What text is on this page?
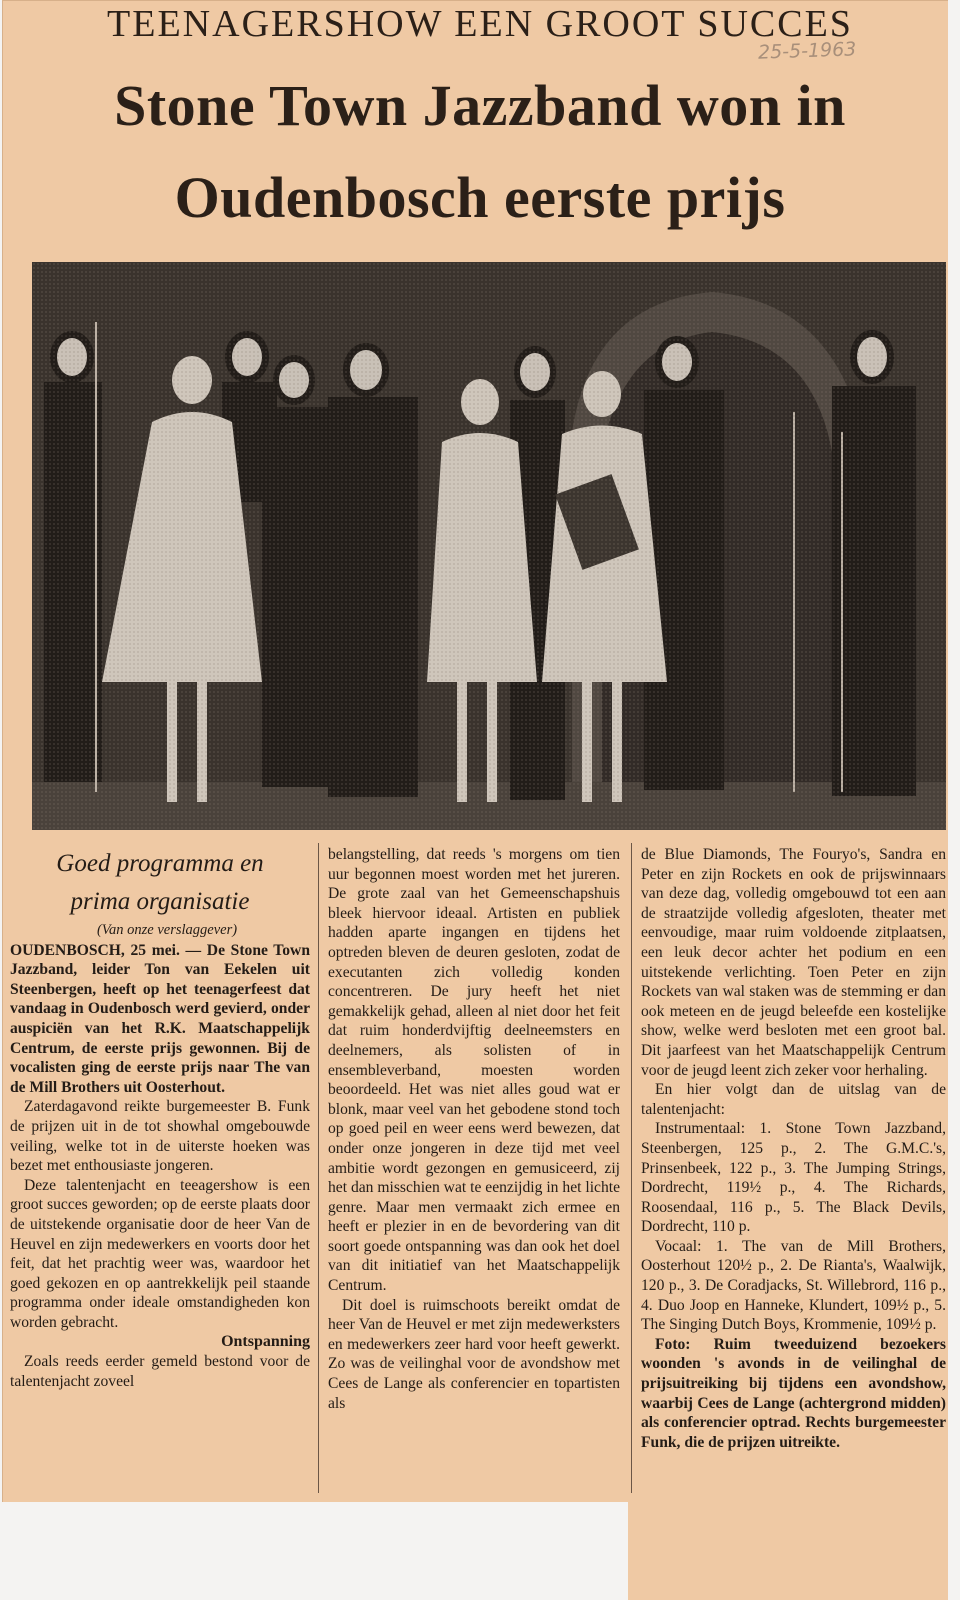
TEENAGERSHOW EEN GROOT SUCCES
25-5-1963
Stone Town Jazzband won in
Oudenbosch eerste prijs
Goed programma en
prima organisatie

(Van onze verslaggever)

OUDENBOSCH, 25 mei. — De Stone Town Jazzband, leider Ton van Eekelen uit Steenbergen, heeft op het teenagerfeest dat vandaag in Oudenbosch werd gevierd, onder auspiciën van het R.K. Maatschappelijk Centrum, de eerste prijs gewonnen. Bij de vocalisten ging de eerste prijs naar The van de Mill Brothers uit Oosterhout.

Zaterdagavond reikte burgemeester B. Funk de prijzen uit in de tot showhal omgebouwde veiling, welke tot in de uiterste hoeken was bezet met enthousiaste jongeren.

Deze talentenjacht en teeagershow is een groot succes geworden; op de eerste plaats door de uitstekende organisatie door de heer Van de Heuvel en zijn medewerkers en voorts door het feit, dat het prachtig weer was, waardoor het goed gekozen en op aantrekkelijk peil staande programma onder ideale omstandigheden kon worden gebracht.

Ontspanning

Zoals reeds eerder gemeld bestond voor de talentenjacht zoveel

belangstelling, dat reeds 's morgens om tien uur begonnen moest worden met het jureren. De grote zaal van het Gemeenschapshuis bleek hiervoor ideaal. Artisten en publiek hadden aparte ingangen en tijdens het optreden bleven de deuren gesloten, zodat de executanten zich volledig konden concentreren. De jury heeft het niet gemakkelijk gehad, alleen al niet door het feit dat ruim honderdvijftig deelneemsters en deelnemers, als solisten of in ensembleverband, moesten worden beoordeeld. Het was niet alles goud wat er blonk, maar veel van het gebodene stond toch op goed peil en weer eens werd bewezen, dat onder onze jongeren in deze tijd met veel ambitie wordt gezongen en gemusiceerd, zij het dan misschien wat te eenzijdig in het lichte genre. Maar men vermaakt zich ermee en heeft er plezier in en de bevordering van dit soort goede ontspanning was dan ook het doel van dit initiatief van het Maatschappelijk Centrum.

Dit doel is ruimschoots bereikt omdat de heer Van de Heuvel er met zijn medewerksters en medewerkers zeer hard voor heeft gewerkt. Zo was de veilinghal voor de avondshow met Cees de Lange als conferencier en topartisten als

de Blue Diamonds, The Fouryo's, Sandra en Peter en zijn Rockets en ook de prijswinnaars van deze dag, volledig omgebouwd tot een aan de straatzijde volledig afgesloten, theater met eenvoudige, maar ruim voldoende zitplaatsen, een leuk decor achter het podium en een uitstekende verlichting. Toen Peter en zijn Rockets van wal staken was de stemming er dan ook meteen en de jeugd beleefde een kostelijke show, welke werd besloten met een groot bal. Dit jaarfeest van het Maatschappelijk Centrum voor de jeugd leent zich zeker voor herhaling.

En hier volgt dan de uitslag van de talentenjacht:

Instrumentaal: 1. Stone Town Jazzband, Steenbergen, 125 p., 2. The G.M.C.'s, Prinsenbeek, 122 p., 3. The Jumping Strings, Dordrecht, 119½ p., 4. The Richards, Roosendaal, 116 p., 5. The Black Devils, Dordrecht, 110 p.

Vocaal: 1. The van de Mill Brothers, Oosterhout 120½ p., 2. De Rianta's, Waalwijk, 120 p., 3. De Coradjacks, St. Willebrord, 116 p., 4. Duo Joop en Hanneke, Klundert, 109½ p., 5. The Singing Dutch Boys, Krommenie, 109½ p.

Foto: Ruim tweeduizend bezoekers woonden 's avonds in de veilinghal de prijsuitreiking bij tijdens een avondshow, waarbij Cees de Lange (achtergrond midden) als conferencier optrad. Rechts burgemeester Funk, die de prijzen uitreikte.
